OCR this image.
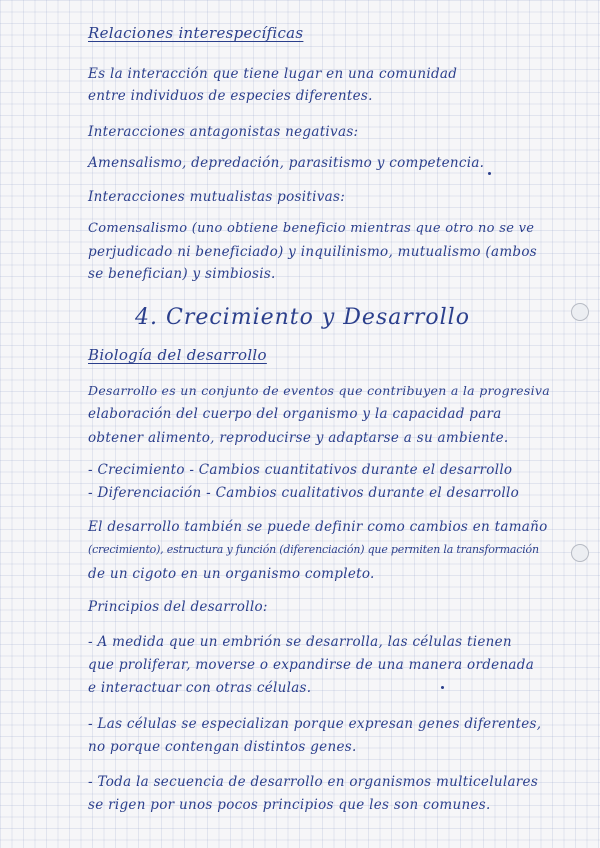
Relaciones interespecíficas
Es la interacción que tiene lugar en una comunidad
entre individuos de especies diferentes.
Interacciones antagonistas negativas:
Amensalismo, depredación, parasitismo y competencia.
Interacciones mutualistas positivas:
Comensalismo (uno obtiene beneficio mientras que otro no se ve
perjudicado ni beneficiado) y inquilinismo, mutualismo (ambos
se benefician) y simbiosis.
4. Crecimiento y Desarrollo
Biología del desarrollo
Desarrollo es un conjunto de eventos que contribuyen a la progresiva
elaboración del cuerpo del organismo y la capacidad para
obtener alimento, reproducirse y adaptarse a su ambiente.
- Crecimiento - Cambios cuantitativos durante el desarrollo
- Diferenciación - Cambios cualitativos durante el desarrollo
El desarrollo también se puede definir como cambios en tamaño
(crecimiento), estructura y función (diferenciación) que permiten la transformación
de un cigoto en un organismo completo.
Principios del desarrollo:
- A medida que un embrión se desarrolla, las células tienen
que proliferar, moverse o expandirse de una manera ordenada
e interactuar con otras células.
- Las células se especializan porque expresan genes diferentes,
no porque contengan distintos genes.
- Toda la secuencia de desarrollo en organismos multicelulares
se rigen por unos pocos principios que les son comunes.
